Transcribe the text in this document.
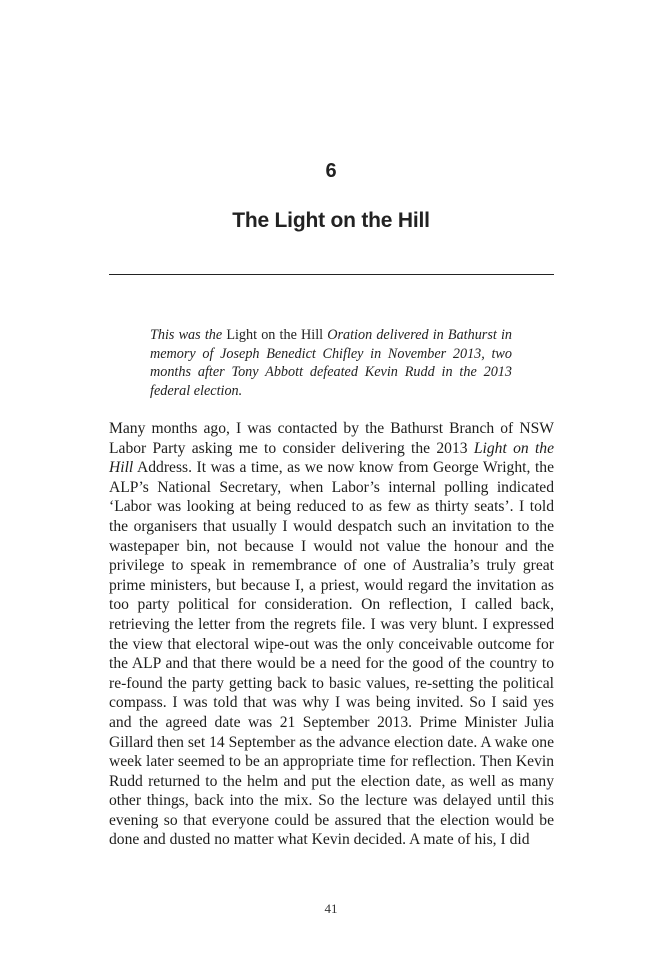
6
The Light on the Hill

This was the Light on the Hill Oration delivered in Bathurst in memory of Joseph Benedict Chifley in November 2013, two months after Tony Abbott defeated Kevin Rudd in the 2013 federal election.

Many months ago, I was contacted by the Bathurst Branch of NSW Labor Party asking me to consider delivering the 2013 Light on the Hill Address. It was a time, as we now know from George Wright, the ALP’s National Secretary, when Labor’s internal polling indicated ‘Labor was looking at being reduced to as few as thirty seats’. I told the organisers that usually I would despatch such an invitation to the wastepaper bin, not because I would not value the honour and the privilege to speak in remembrance of one of Australia’s truly great prime ministers, but because I, a priest, would regard the invitation as too party political for consideration. On reflection, I called back, retrieving the letter from the regrets file. I was very blunt. I expressed the view that electoral wipe-out was the only conceivable outcome for the ALP and that there would be a need for the good of the country to re-found the party getting back to basic values, re-setting the political compass. I was told that was why I was being invited. So I said yes and the agreed date was 21 September 2013. Prime Minister Julia Gillard then set 14 September as the advance election date. A wake one week later seemed to be an appropriate time for reflection. Then Kevin Rudd returned to the helm and put the election date, as well as many other things, back into the mix. So the lecture was delayed until this evening so that everyone could be assured that the election would be done and dusted no matter what Kevin decided. A mate of his, I did

41
